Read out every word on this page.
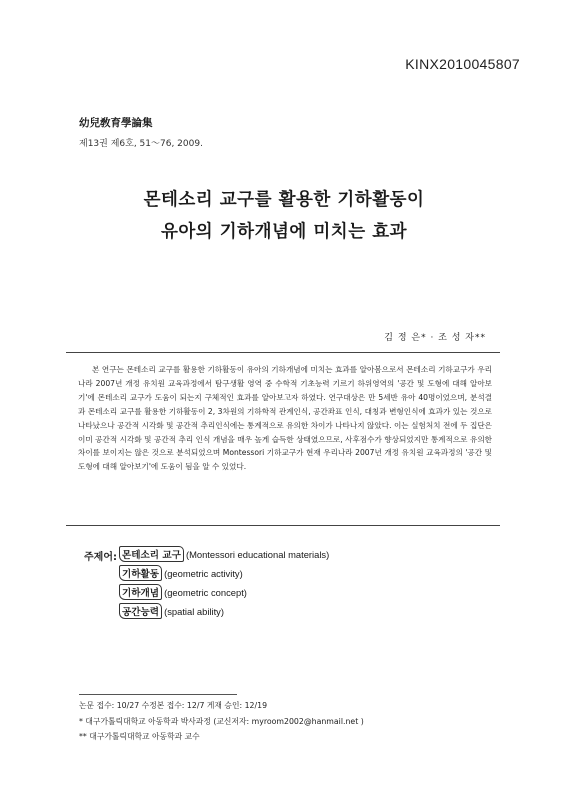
KINX2010045807
幼兒敎育學論集
제13권 제6호, 51～76, 2009.
몬테소리 교구를 활용한 기하활동이
유아의 기하개념에 미치는 효과
김 정 은* · 조 성 자**

본 연구는 몬테소리 교구를 활용한 기하활동이 유아의 기하개념에 미치는 효과를 알아봄으로서 몬테소리 기하교구가 우리나라 2007년 개정 유치원 교육과정에서 탐구생활 영역 중 수학적 기초능력 기르기 하위영역의 '공간 및 도형에 대해 알아보기'에 몬테소리 교구가 도움이 되는지 구체적인 효과를 알아보고자 하였다. 연구대상은 만 5세반 유아 40명이었으며, 분석결과 몬테소리 교구를 활용한 기하활동이 2, 3차원의 기하학적 관계인식, 공간좌표 인식, 대칭과 변형인식에 효과가 있는 것으로 나타났으나 공간적 시각화 및 공간적 추리인식에는 통계적으로 유의한 차이가 나타나지 않았다. 이는 실험처치 전에 두 집단은 이미 공간적 시각화 및 공간적 추리 인식 개념을 매우 높게 습득한 상태였으므로, 사후점수가 향상되었지만 통계적으로 유의한 차이를 보이지는 않은 것으로 분석되었으며 Montessori 기하교구가 현재 우리나라 2007년 개정 유치원 교육과정의 '공간 및 도형에 대해 알아보기'에 도움이 됨을 알 수 있었다.

주제어: 몬테소리 교구 (Montessori educational materials)
기하활동 (geometric activity)
기하개념 (geometric concept)
공간능력 (spatial ability)
논문 접수: 10/27 수정본 접수: 12/7 게재 승인: 12/19
* 대구가톨릭대학교 아동학과 박사과정 (교신저자: myroom2002@hanmail.net )
** 대구가톨릭대학교 아동학과 교수
